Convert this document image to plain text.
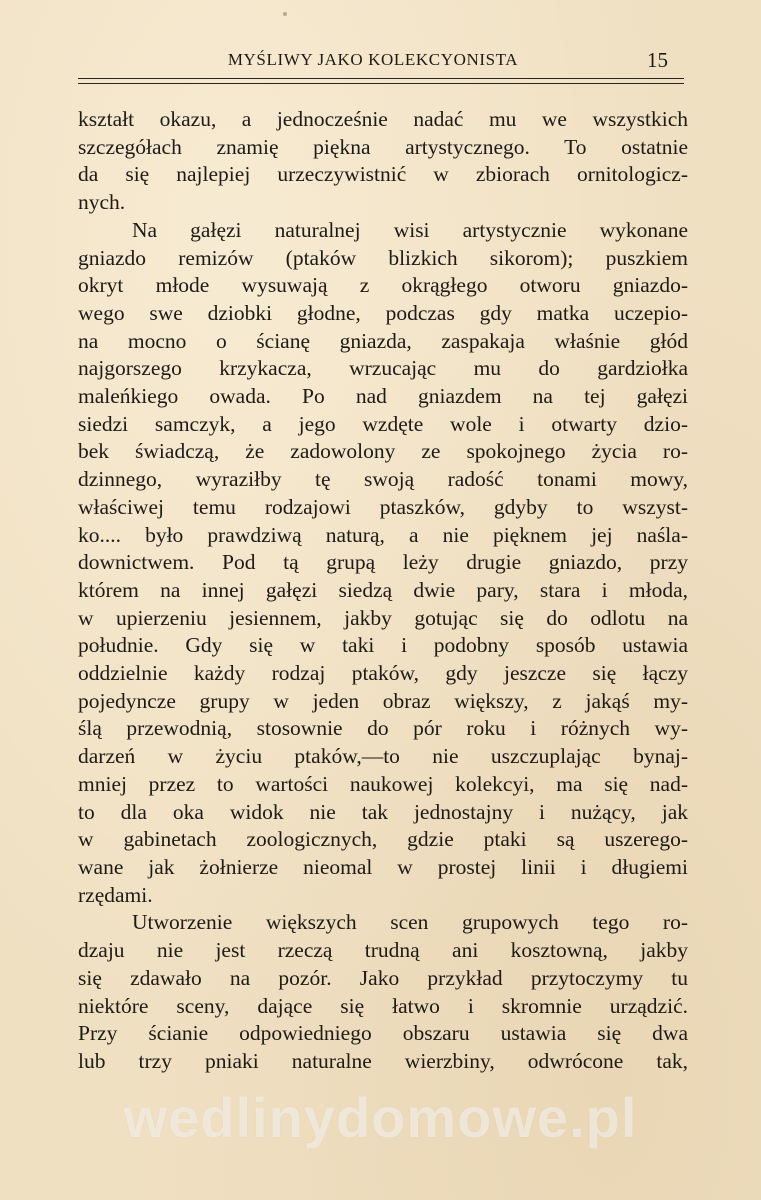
MYŚLIWY JAKO KOLEKCYONISTA	15
kształt okazu, a jednocześnie nadać mu we wszystkich
szczegółach znamię piękna artystycznego. To ostatnie
da się najlepiej urzeczywistnić w zbiorach ornitologicz-
nych.
Na gałęzi naturalnej wisi artystycznie wykonane
gniazdo remizów (ptaków blizkich sikorom); puszkiem
okryt młode wysuwają z okrągłego otworu gniazdo-
wego swe dziobki głodne, podczas gdy matka uczepio-
na mocno o ścianę gniazda, zaspakaja właśnie głód
najgorszego krzykacza, wrzucając mu do gardziołka
maleńkiego owada. Po nad gniazdem na tej gałęzi
siedzi samczyk, a jego wzdęte wole i otwarty dzio-
bek świadczą, że zadowolony ze spokojnego życia ro-
dzinnego, wyraziłby tę swoją radość tonami mowy,
właściwej temu rodzajowi ptaszków, gdyby to wszyst-
ko.... było prawdziwą naturą, a nie pięknem jej naśla-
downictwem. Pod tą grupą leży drugie gniazdo, przy
którem na innej gałęzi siedzą dwie pary, stara i młoda,
w upierzeniu jesiennem, jakby gotując się do odlotu na
południe. Gdy się w taki i podobny sposób ustawia
oddzielnie każdy rodzaj ptaków, gdy jeszcze się łączy
pojedyncze grupy w jeden obraz większy, z jakąś my-
ślą przewodnią, stosownie do pór roku i różnych wy-
darzeń w życiu ptaków,—to nie uszczuplając bynaj-
mniej przez to wartości naukowej kolekcyi, ma się nad-
to dla oka widok nie tak jednostajny i nużący, jak
w gabinetach zoologicznych, gdzie ptaki są uszerego-
wane jak żołnierze nieomal w prostej linii i długiemi
rzędami.
Utworzenie większych scen grupowych tego ro-
dzaju nie jest rzeczą trudną ani kosztowną, jakby
się zdawało na pozór. Jako przykład przytoczymy tu
niektóre sceny, dające się łatwo i skromnie urządzić.
Przy ścianie odpowiedniego obszaru ustawia się dwa
lub trzy pniaki naturalne wierzbiny, odwrócone tak,
wedlinydomowe.pl
